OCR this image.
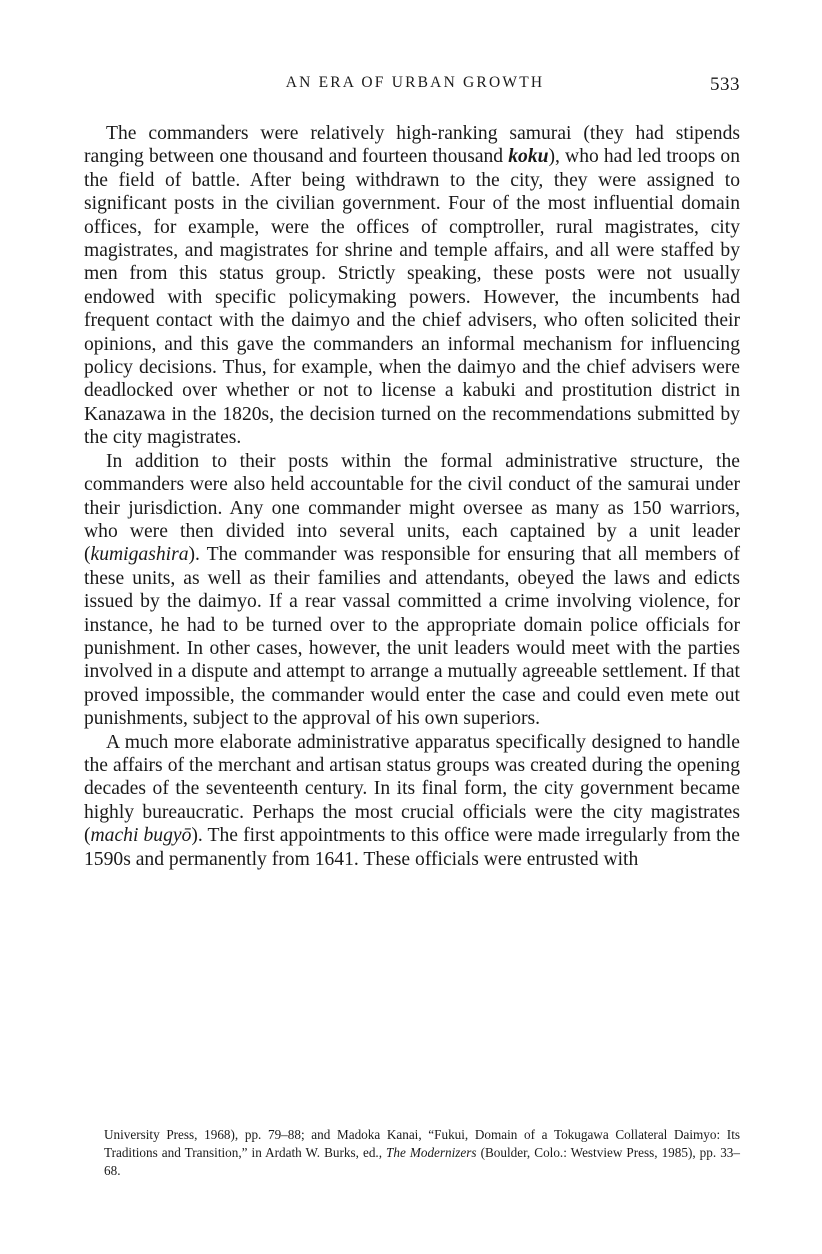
AN ERA OF URBAN GROWTH	533

The commanders were relatively high-ranking samurai (they had stipends ranging between one thousand and fourteen thousand koku), who had led troops on the field of battle. After being withdrawn to the city, they were assigned to significant posts in the civilian government. Four of the most influential domain offices, for example, were the offices of comptroller, rural magistrates, city magistrates, and magistrates for shrine and temple affairs, and all were staffed by men from this status group. Strictly speaking, these posts were not usually endowed with specific policymaking powers. However, the incumbents had frequent contact with the daimyo and the chief advisers, who often solicited their opinions, and this gave the commanders an informal mechanism for influencing policy decisions. Thus, for example, when the daimyo and the chief advisers were deadlocked over whether or not to license a kabuki and prostitution district in Kanazawa in the 1820s, the decision turned on the recommendations submitted by the city magistrates.

In addition to their posts within the formal administrative structure, the commanders were also held accountable for the civil conduct of the samurai under their jurisdiction. Any one commander might oversee as many as 150 warriors, who were then divided into several units, each captained by a unit leader (kumigashira). The commander was responsible for ensuring that all members of these units, as well as their families and attendants, obeyed the laws and edicts issued by the daimyo. If a rear vassal committed a crime involving violence, for instance, he had to be turned over to the appropriate domain police officials for punishment. In other cases, however, the unit leaders would meet with the parties involved in a dispute and attempt to arrange a mutually agreeable settlement. If that proved impossible, the commander would enter the case and could even mete out punishments, subject to the approval of his own superiors.

A much more elaborate administrative apparatus specifically designed to handle the affairs of the merchant and artisan status groups was created during the opening decades of the seventeenth century. In its final form, the city government became highly bureaucratic. Perhaps the most crucial officials were the city magistrates (machi bugyō). The first appointments to this office were made irregularly from the 1590s and permanently from 1641. These officials were entrusted with

University Press, 1968), pp. 79–88; and Madoka Kanai, “Fukui, Domain of a Tokugawa Collateral Daimyo: Its Traditions and Transition,” in Ardath W. Burks, ed., The Modernizers (Boulder, Colo.: Westview Press, 1985), pp. 33–68.
